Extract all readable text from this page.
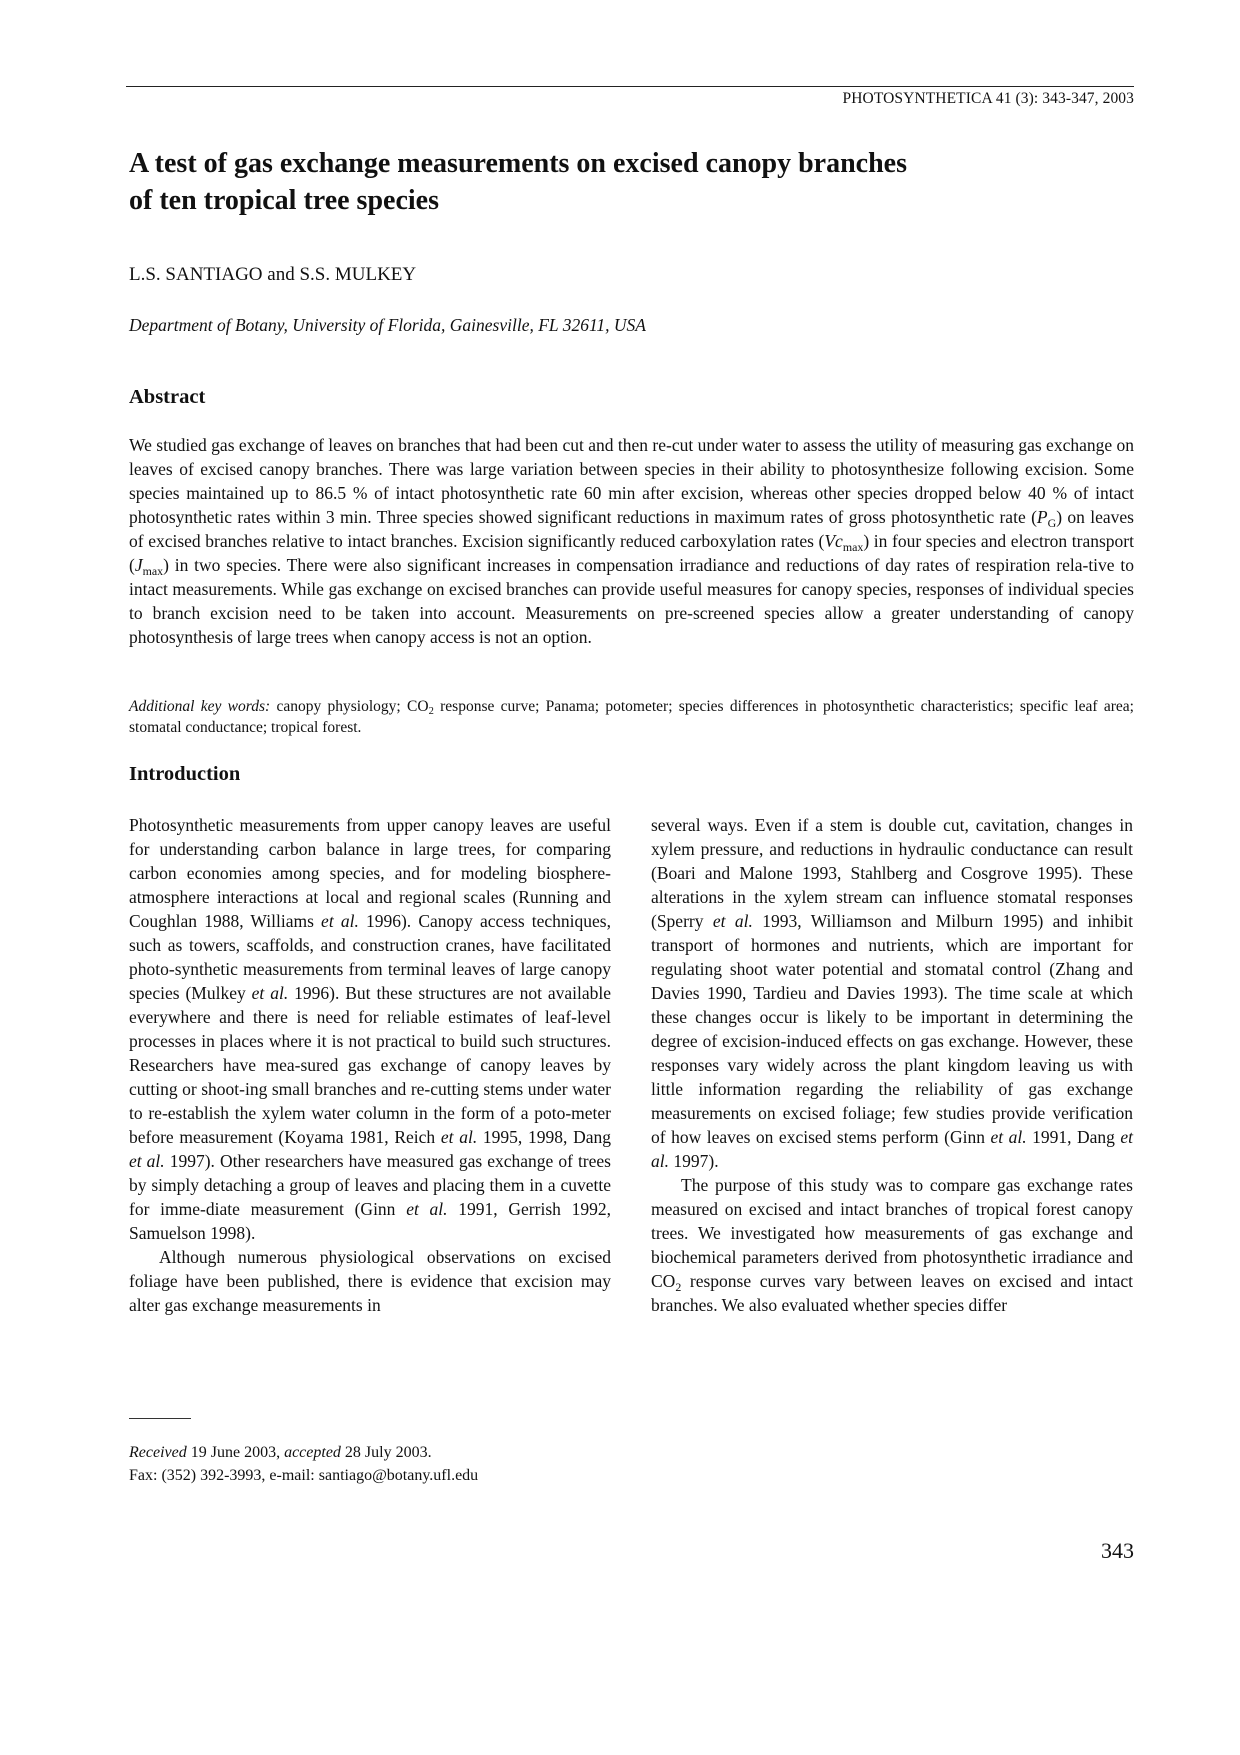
PHOTOSYNTHETICA 41 (3): 343-347, 2003
A test of gas exchange measurements on excised canopy branches
of ten tropical tree species
L.S. SANTIAGO and S.S. MULKEY
Department of Botany, University of Florida, Gainesville, FL 32611, USA
Abstract

We studied gas exchange of leaves on branches that had been cut and then re-cut under water to assess the utility of measuring gas exchange on leaves of excised canopy branches. There was large variation between species in their ability to photosynthesize following excision. Some species maintained up to 86.5 % of intact photosynthetic rate 60 min after excision, whereas other species dropped below 40 % of intact photosynthetic rates within 3 min. Three species showed significant reductions in maximum rates of gross photosynthetic rate $(P_G)$ on leaves of excised branches relative to intact branches. Excision significantly reduced carboxylation rates $(Vc_{max})$ in four species and electron transport $(J_{max})$ in two species. There were also significant increases in compensation irradiance and reductions of day rates of respiration rela-tive to intact measurements. While gas exchange on excised branches can provide useful measures for canopy species, responses of individual species to branch excision need to be taken into account. Measurements on pre-screened species allow a greater understanding of canopy photosynthesis of large trees when canopy access is not an option.

Additional key words: canopy physiology; $CO_2$ response curve; Panama; potometer; species differences in photosynthetic characteristics; specific leaf area; stomatal conductance; tropical forest.

Introduction

Photosynthetic measurements from upper canopy leaves are useful for understanding carbon balance in large trees, for comparing carbon economies among species, and for modeling biosphere-atmosphere interactions at local and regional scales (Running and Coughlan 1988, Williams et al. 1996). Canopy access techniques, such as towers, scaffolds, and construction cranes, have facilitated photo-synthetic measurements from terminal leaves of large canopy species (Mulkey et al. 1996). But these structures are not available everywhere and there is need for reliable estimates of leaf-level processes in places where it is not practical to build such structures. Researchers have mea-sured gas exchange of canopy leaves by cutting or shoot-ing small branches and re-cutting stems under water to re-establish the xylem water column in the form of a poto-meter before measurement (Koyama 1981, Reich et al. 1995, 1998, Dang et al. 1997). Other researchers have measured gas exchange of trees by simply detaching a group of leaves and placing them in a cuvette for imme-diate measurement (Ginn et al. 1991, Gerrish 1992, Samuelson 1998).

Although numerous physiological observations on excised foliage have been published, there is evidence that excision may alter gas exchange measurements in

several ways. Even if a stem is double cut, cavitation, changes in xylem pressure, and reductions in hydraulic conductance can result (Boari and Malone 1993, Stahlberg and Cosgrove 1995). These alterations in the xylem stream can influence stomatal responses (Sperry et al. 1993, Williamson and Milburn 1995) and inhibit transport of hormones and nutrients, which are important for regulating shoot water potential and stomatal control (Zhang and Davies 1990, Tardieu and Davies 1993). The time scale at which these changes occur is likely to be important in determining the degree of excision-induced effects on gas exchange. However, these responses vary widely across the plant kingdom leaving us with little information regarding the reliability of gas exchange measurements on excised foliage; few studies provide verification of how leaves on excised stems perform (Ginn et al. 1991, Dang et al. 1997).

The purpose of this study was to compare gas exchange rates measured on excised and intact branches of tropical forest canopy trees. We investigated how measurements of gas exchange and biochemical parameters derived from photosynthetic irradiance and $CO_2$ response curves vary between leaves on excised and intact branches. We also evaluated whether species differ

Received 19 June 2003, accepted 28 July 2003.

Fax: (352) 392-3993, e-mail: santiago@botany.ufl.edu

343
